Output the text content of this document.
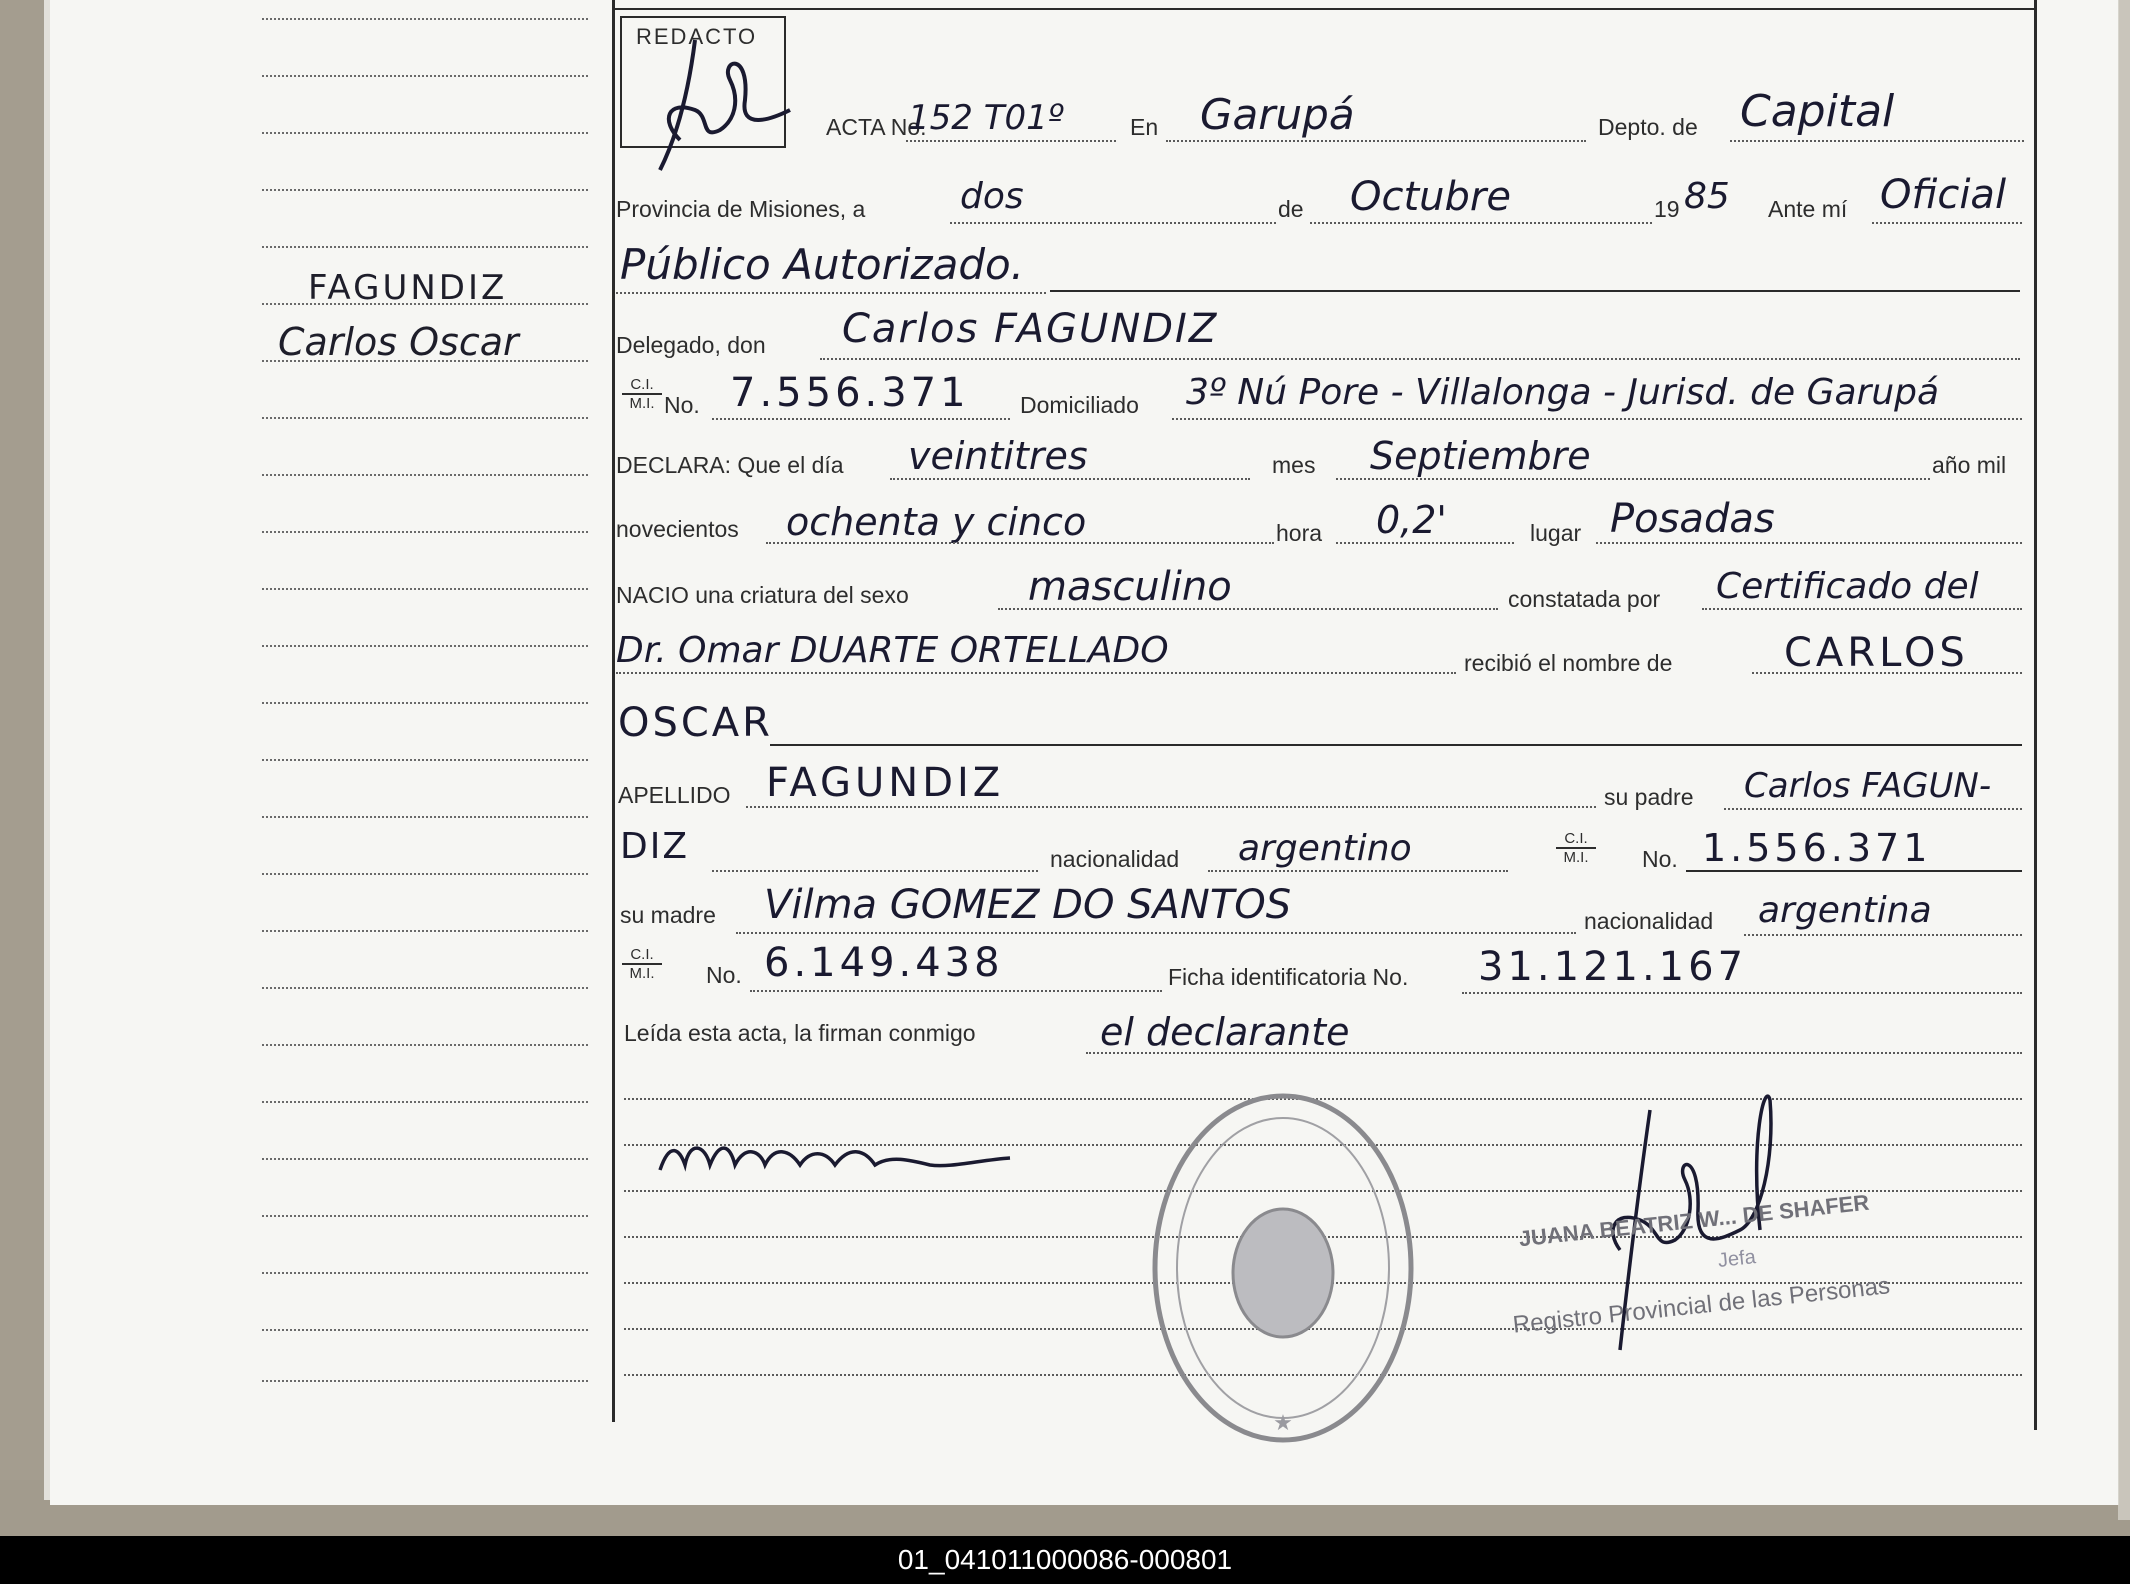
FAGUNDIZ
Carlos Oscar
REDACTO
ACTA No.
152 T01º	En Garupá	Depto. de Capital
Provincia de Misiones, a	dos	de Octubre	19 85 Ante mí Oficial
Público Autorizado.
Delegado, don Carlos FAGUNDIZ
$\frac{C.I.}{M.I.} No$. 7.556.371 Domiciliado 3º Nú Pore - Villalonga - Jurisd. de Garupá
DECLARA: Que el día veintitres	mes Septiembre	año mil
novecientos ochenta y cinco	hora 0,2'	lugar Posadas
NACIO una criatura del sexo	masculino	constatada por Certificado del
Dr. Omar DUARTE ORTELLADO	recibió el nombre de	CARLOS
OSCAR
APELLIDO FAGUNDIZ	su padre Carlos FAGUN-
DIZ	nacionalidad argentino	$\frac{C.I.}{M.I.} No$. 1.556.371
su madre Vilma GOMEZ DO SANTOS	nacionalidad argentina
$\frac{C.I.}{M.I.} No$. 6.149.438	Ficha identificatoria No. 31.121.167
Leída esta acta, la firman conmigo	el declarante
★
JUANA BEATRIZ W... DE SHAFER
Jefa
Registro Provincial de las Personas
01_041011000086-000801
